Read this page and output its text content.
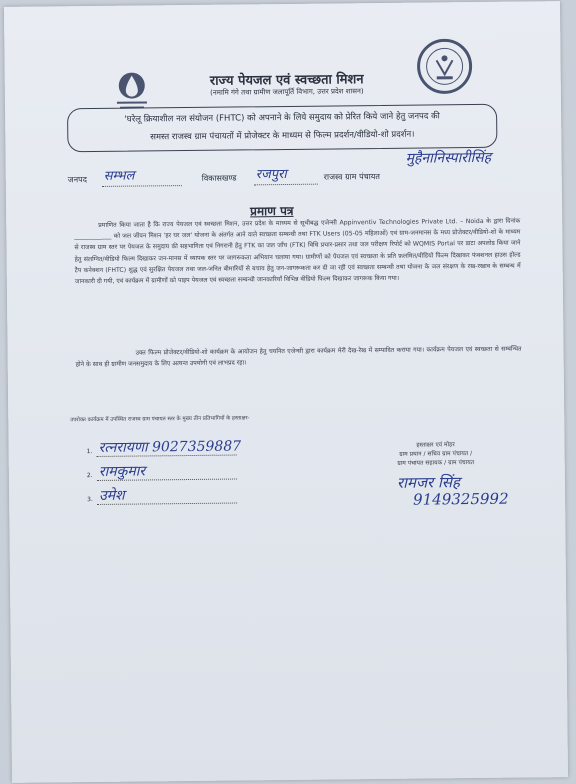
राज्य पेयजल एवं स्वच्छता मिशन
(नमामि गंगे तथा ग्रामीण जलापूर्ति विभाग, उत्तर प्रदेश शासन)
'घरेलू क्रियाशील नल संयोजन (FHTC) को अपनाने के लिये समुदाय को प्रेरित किये जाने हेतु जनपद की
समस्त राजस्व ग्राम पंचायतों में प्रोजेक्टर के माध्यम से फिल्म प्रदर्शन/वीडियो-शो प्रदर्शन।
जनपद सम्भल	विकासखण्ड रजपुरा	राजस्व ग्राम पंचायत
मुहैनानिस्पारीसिंह
प्रमाण पत्र
प्रमाणित किया जाता है कि राज्य पेयजल एवं स्वच्छता मिशन, उत्तर प्रदेश के माध्यम से सूचीबद्ध एजेन्सी Appinventiv Technologies Private Ltd. – Noida के द्वारा दिनांक ____________ को जल जीवन मिशन 'हर घर जल' योजना के अंतर्गत आने वाले स्वच्छता सम्बन्धी तथा FTK Users (05-05 महिलाओं) एवं ग्राम-जनमानस के मध्य प्रोजेक्टर/वीडियो-शो के माध्यम से राजस्व ग्राम स्तर पर पेयजल के समुदाय की सहभागिता एवं निगरानी हेतु FTK का जल जाँच (FTK) विधि प्रचार-प्रसार तथा जल परीक्षण रिपोर्ट को WQMIS Portal पर डाटा अपलोड किया जाने हेतु संलग्नित/वीडियो फिल्म दिखाकर जन-मानस में व्यापक स्तर पर जागरूकता अभियान चलाया गया। ग्रामीणों को पेयजल एवं स्वच्छता के प्रति फ़लमित/वीडियो फिल्म दिखाकर फंक्शनल हाउस होल्ड टैप कनेक्शन (FHTC) शुद्ध एवं सुरक्षित पेयजल तथा जल-जनित बीमारियों से बचाव हेतु जन-जागरूकता कर दी जा रही एवं स्वच्छता सम्बन्धी तथा योजना के जल संरक्षण के रख-रखाव के सम्बन्ध में जानकारी दी गयी, एवं कार्यक्रम में ग्रामीणों को पाइप पेयजल एवं स्वच्छता सम्बन्धी जानकारियाँ विभिन्न वीडियो फिल्म दिखाकर जागरूक किया गया।
उक्त फिल्म प्रोजेक्टर/वीडियो-शो कार्यक्रम के आयोजन हेतु चयनित एजेन्सी द्वारा कार्यक्रम मेरी देख-रेख में सम्पादित कराया गया। कार्यक्रम पेयजल एवं स्वच्छता से सम्बन्धित होने के साथ ही ग्रामीण जनसमुदाय के लिए अत्यन्त उपयोगी एवं लाभप्रद रहा।
उपरोक्त कार्यक्रम में उपस्थित राजस्व ग्राम पंचायत स्तर के मुख्य तीन प्रतिभागियों के हस्ताक्षर-
1. रत्नरायणा 9027359887
2. रामकुमार
3. उमेश
हस्ताक्षर एवं मोहर
ग्राम प्रधान / सचिव ग्राम पंचायत /
ग्राम पंचायत सहायक / ग्राम पंचायत
रामजर सिंह
9149325992
